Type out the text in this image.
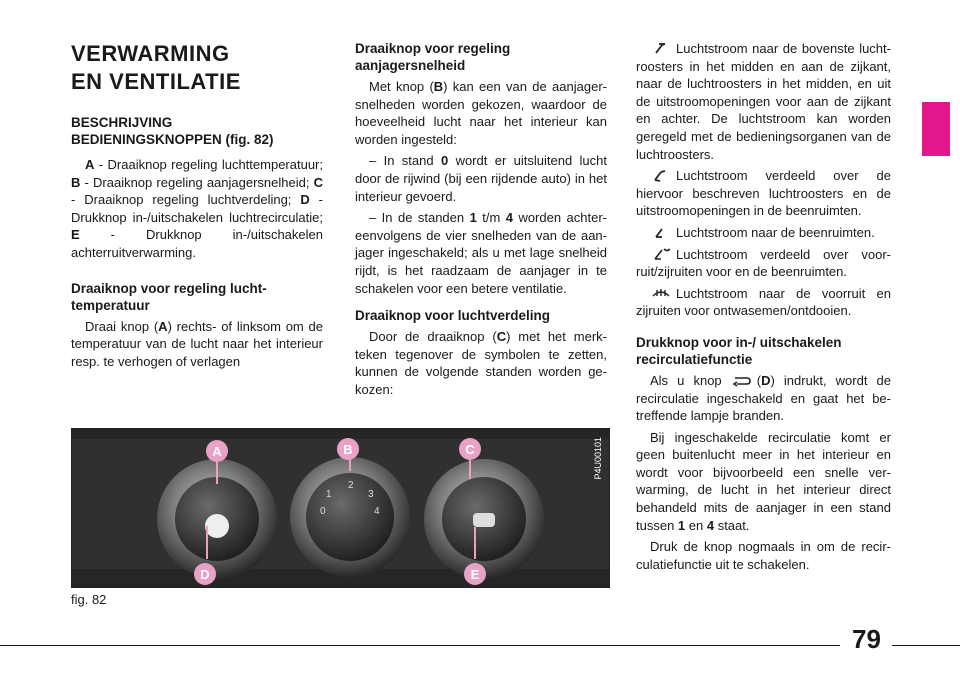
VERWARMING
EN VENTILATIE
BESCHRIJVING
BEDIENINGSKNOPPEN (fig. 82)

A - Draaiknop regeling luchttemperatuur; B - Draaiknop regeling aanjagersnelheid; C - Draaiknop regeling luchtverdeling; D - Drukknop in-/uitschakelen luchtrecirculatie; E - Drukknop in-/uitschakelen achterruitverwarming.

Draaiknop voor regeling luchttemperatuur

Draai knop (A) rechts- of linksom om de temperatuur van de lucht naar het interieur resp. te verhogen of verlagen

Draaiknop voor regeling aanjagersnelheid

Met knop (B) kan een van de aanjagersnelheden worden gekozen, waardoor de hoeveelheid lucht naar het interieur kan worden ingesteld:

– In stand 0 wordt er uitsluitend lucht door de rijwind (bij een rijdende auto) in het interieur gevoerd.

– In de standen 1 t/m 4 worden achtereenvolgens de vier snelheden van de aanjager ingeschakeld; als u met lage snelheid rijdt, is het raadzaam de aanjager in te schakelen voor een betere ventilatie.

Draaiknop voor luchtverdeling

Door de draaiknop (C) met het merkteken tegenover de symbolen te zetten, kunnen de volgende standen worden gekozen:

Luchtstroom naar de bovenste luchtroosters in het midden en aan de zijkant, naar de luchtroosters in het midden, en uit de uitstroomopeningen voor aan de zijkant en achter. De luchtstroom kan worden geregeld met de bedieningsorganen van de luchtroosters.

Luchtstroom verdeeld over de hiervoor beschreven luchtroosters en de uitstroomopeningen in de beenruimten.

Luchtstroom naar de beenruimten.

Luchtstroom verdeeld over voorruit/zijruiten voor en de beenruimten.

Luchtstroom naar de voorruit en zijruiten voor ontwasemen/ontdooien.

Drukknop voor in-/ uitschakelen recirculatiefunctie

Als u knop (D) indrukt, wordt de recirculatie ingeschakeld en gaat het betreffende lampje branden.

Bij ingeschakelde recirculatie komt er geen buitenlucht meer in het interieur en wordt voor bijvoorbeeld een snelle verwarming, de lucht in het interieur direct behandeld mits de aanjager in een stand tussen 1 en 4 staat.

Druk de knop nogmaals in om de recirculatiefunctie uit te schakelen.

0
1
2
3
4
A	B	C
D	E
P4U00101
fig. 82
79
